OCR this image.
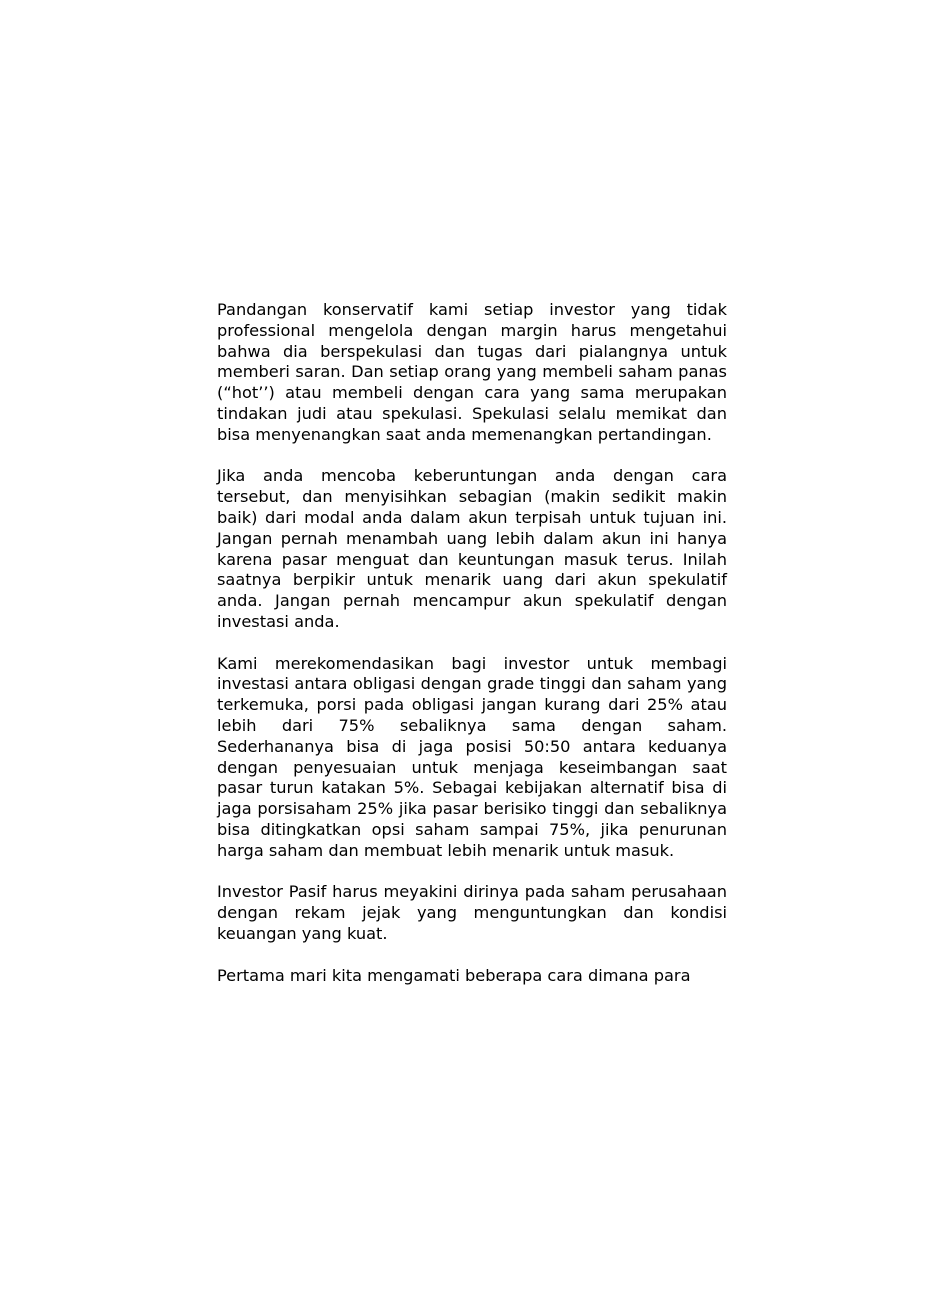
Pandangan konservatif kami setiap investor yang tidak professional mengelola dengan margin harus mengetahui bahwa dia berspekulasi dan tugas dari pialangnya untuk memberi saran. Dan setiap orang yang membeli saham panas (“hot’’) atau membeli dengan cara yang sama merupakan tindakan judi atau spekulasi. Spekulasi selalu memikat dan bisa menyenangkan saat anda memenangkan pertandingan.

Jika anda mencoba keberuntungan anda dengan cara tersebut, dan menyisihkan sebagian (makin sedikit makin baik) dari modal anda dalam akun terpisah untuk tujuan ini. Jangan pernah menambah uang lebih dalam akun ini hanya karena pasar menguat dan keuntungan masuk terus. Inilah saatnya berpikir untuk menarik uang dari akun spekulatif anda. Jangan pernah mencampur akun spekulatif dengan investasi anda.

Kami merekomendasikan bagi investor untuk membagi investasi antara obligasi dengan grade tinggi dan saham yang terkemuka, porsi pada obligasi jangan kurang dari 25% atau lebih dari 75% sebaliknya sama dengan saham. Sederhananya bisa di jaga posisi 50:50 antara keduanya dengan penyesuaian untuk menjaga keseimbangan saat pasar turun katakan 5%. Sebagai kebijakan alternatif bisa di jaga porsisaham 25% jika pasar berisiko tinggi dan sebaliknya bisa ditingkatkan opsi saham sampai 75%, jika penurunan harga saham dan membuat lebih menarik untuk masuk.

Investor Pasif harus meyakini dirinya pada saham perusahaan dengan rekam jejak yang menguntungkan dan kondisi keuangan yang kuat.

Pertama mari kita mengamati beberapa cara dimana para
